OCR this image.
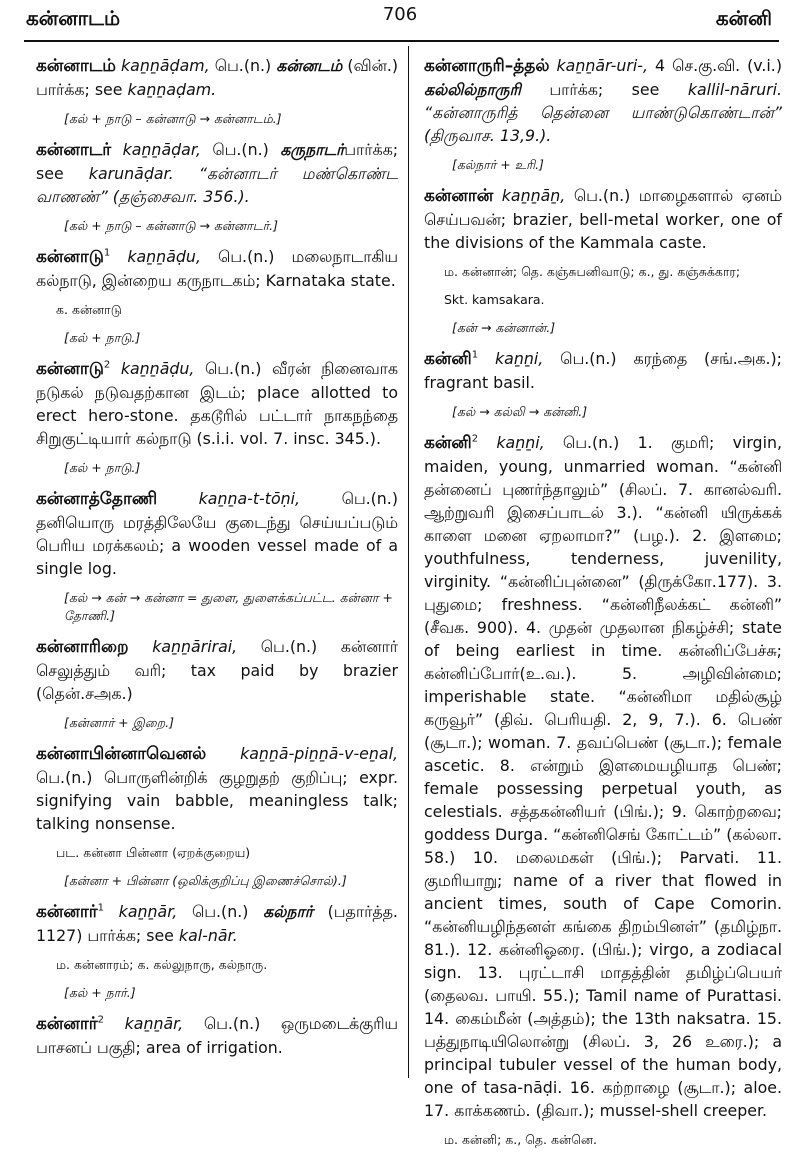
கன்னாடம்	706	கன்னி
கன்னாடம் kaṉṉāḍam, பெ.(n.) கன்னடம் (வின்.) பார்க்க; see kaṉṉaḍam.
[கல் + நாடு – கன்னாடு → கன்னாடம்.]
கன்னாடர் kaṉṉāḍar, பெ.(n.) கருநாடர்பார்க்க; see karunāḍar. “கன்னாடர் மண்கொண்ட வாணண்” (தஞ்சைவா. 356.).
[கல் + நாடு – கன்னாடு → கன்னாடர்.]
கன்னாடு$^1$ kaṉṉāḍu, பெ.(n.) மலைநாடாகிய கல்நாடு, இன்றைய கருநாடகம்; Karnataka state.
க. கன்னாடு
[கல் + நாடு.]
கன்னாடு$^2$ kaṉṉāḍu, பெ.(n.) வீரன் நினைவாக நடுகல் நடுவதற்கான இடம்; place allotted to erect hero-stone. தகடூரில் பட்டார் நாகநந்தை சிறுகுட்டியார் கல்நாடு (s.i.i. vol. 7. insc. 345.).
[கல் + நாடு.]
கன்னாத்தோணி	kaṉṉa-t-tōṇi,	பெ.(n.) தனியொரு மரத்திலேயே குடைந்து செய்யப்படும் பெரிய மரக்கலம்; a wooden vessel made of a single log.
[கல் → கன் → கன்னா = துளை, துளைக்கப்பட்ட. கன்னா + தோணி.]
கன்னாரிறை kaṉṉārirai, பெ.(n.) கன்னார் செலுத்தும் வரி; tax paid by brazier (தென்.சஅக.)
[கன்னார் + இறை.]
கன்னாபின்னாவெனல் kaṉṉā-piṉṉā-v-eṉal, பெ.(n.) பொருளின்றிக் குழறுதற் குறிப்பு; expr. signifying vain babble, meaningless talk; talking nonsense.
பட. கன்னா பின்னா (ஏறக்குறைய)
[கன்னா + பின்னா (ஒலிக்குறிப்பு இணைச்சொல்).]
கன்னார்$^1$ kaṉṉār, பெ.(n.) கல்நார் (பதார்த்த. 1127) பார்க்க; see kal-nār.
ம. கன்னாரம்; க. கல்லுநாரு, கல்நாரு.
[கல் + நார்.]
கன்னார்$^2$ kaṉṉār, பெ.(n.) ஒருமடைக்குரிய பாசனப் பகுதி; area of irrigation.
கன்னாருரி–த்தல் kaṉṉār-uri-, 4 செ.கு.வி. (v.i.) கல்லில்நாருரி பார்க்க; see kallil-nāruri. “கன்னாருரித் தென்னை யாண்டுகொண்டான்” (திருவாச. 13,9.).
[கல்நார் + உரி.]
கன்னான் kaṉṉāṉ, பெ.(n.) மாழைகளால் ஏனம் செய்பவன்; brazier, bell-metal worker, one of the divisions of the Kammala caste.
ம. கன்னான்; தெ. கஞ்சுபனிவாடு; க., து. கஞ்சுக்கார;
Skt. kamsakara.
[கன் → கன்னான்.]
கன்னி$^1$ kaṉṉi, பெ.(n.) கரந்தை (சங்.அக.); fragrant basil.
[கல் → கல்லி → கன்னி.]
கன்னி$^2$ kaṉṉi, பெ.(n.) 1. குமரி; virgin, maiden, young, unmarried woman. “கன்னி தன்னைப் புணர்ந்தாலும்” (சிலப். 7. கானல்வரி. ஆற்றுவரி இசைப்பாடல் 3.). “கன்னி யிருக்கக் காளை மனை ஏறலாமா?” (பழ.). 2. இளமை; youthfulness, tenderness, juvenility, virginity. “கன்னிப்புன்னை” (திருக்கோ.177). 3. புதுமை; freshness. “கன்னிநீலக்கட் கன்னி” (சீவக. 900). 4. முதன் முதலான நிகழ்ச்சி; state of being earliest in time. கன்னிப்பேச்சு; கன்னிப்போர்(உ.வ.). 5. அழிவின்மை; imperishable state. “கன்னிமா மதில்சூழ் கருவூர்” (திவ். பெரியதி. 2, 9, 7.). 6. பெண் (சூடா.); woman. 7. தவப்பெண் (சூடா.); female ascetic. 8. என்றும் இளமையழியாத பெண்; female possessing perpetual youth, as celestials. சத்தகன்னியர் (பிங்.); 9. கொற்றவை; goddess Durga. “கன்னிசெங் கோட்டம்” (கல்லா. 58.) 10. மலைமகள் (பிங்.); Parvati. 11. குமரியாறு; name of a river that flowed in ancient times, south of Cape Comorin. “கன்னியழிந்தனள் கங்கை திறம்பினள்” (தமிழ்நா. 81.). 12. கன்னிஓரை. (பிங்.); virgo, a zodiacal sign. 13. புரட்டாசி மாதத்தின் தமிழ்ப்பெயர் (தைலவ. பாயி. 55.); Tamil name of Purattasi. 14. கைம்மீன் (அத்தம்); the 13th naksatra. 15. பத்துநாடியிலொன்று (சிலப். 3, 26 உரை.); a principal tubuler vessel of the human body, one of tasa-nāḍi. 16. கற்றாழை (சூடா.); aloe. 17. காக்கணம். (திவா.); mussel-shell creeper.
ம. கன்னி; க., தெ. கன்னெ.
